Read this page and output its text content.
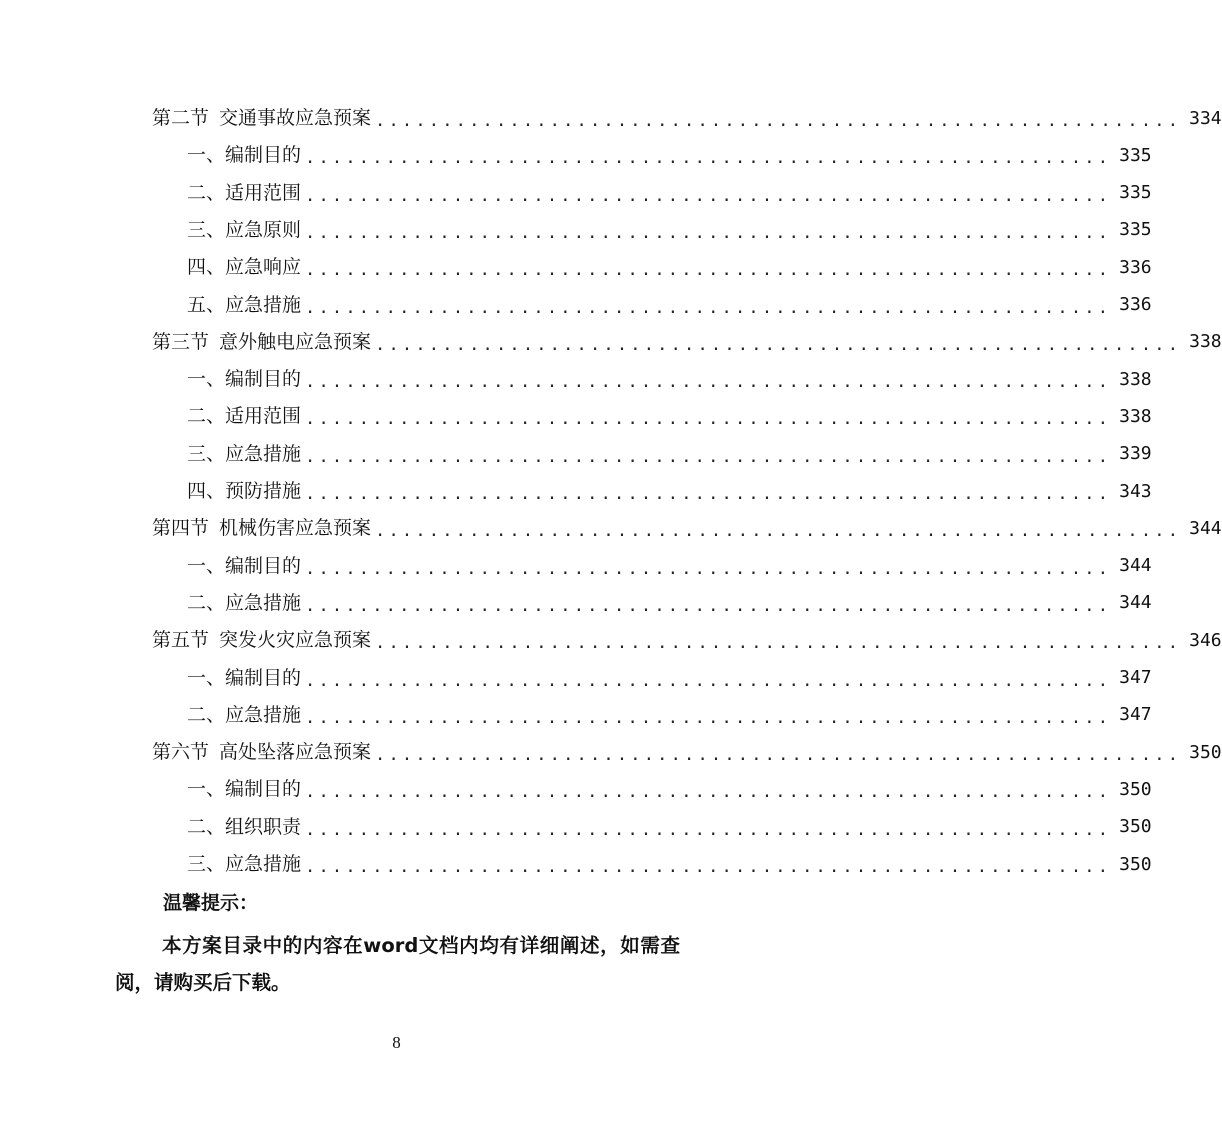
第二节 交通事故应急预案 ............................................................ 334
一、 编制目的 ............................................................ 335
二、 适用范围 ............................................................ 335
三、 应急原则 ............................................................ 335
四、 应急响应 ............................................................ 336
五、 应急措施 ............................................................ 336
第三节 意外触电应急预案 ............................................................ 338
一、 编制目的 ............................................................ 338
二、 适用范围 ............................................................ 338
三、 应急措施 ............................................................ 339
四、 预防措施 ............................................................ 343
第四节 机械伤害应急预案 ............................................................ 344
一、 编制目的 ............................................................ 344
二、 应急措施 ............................................................ 344
第五节 突发火灾应急预案 ............................................................ 346
一、 编制目的 ............................................................ 347
二、 应急措施 ............................................................ 347
第六节 高处坠落应急预案 ............................................................ 350
一、 编制目的 ............................................................ 350
二、 组织职责 ............................................................ 350
三、 应急措施 ............................................................ 350
温馨提示：
本方案目录中的内容在word文档内均有详细阐述，如需查阅，请购买后下载。
8
